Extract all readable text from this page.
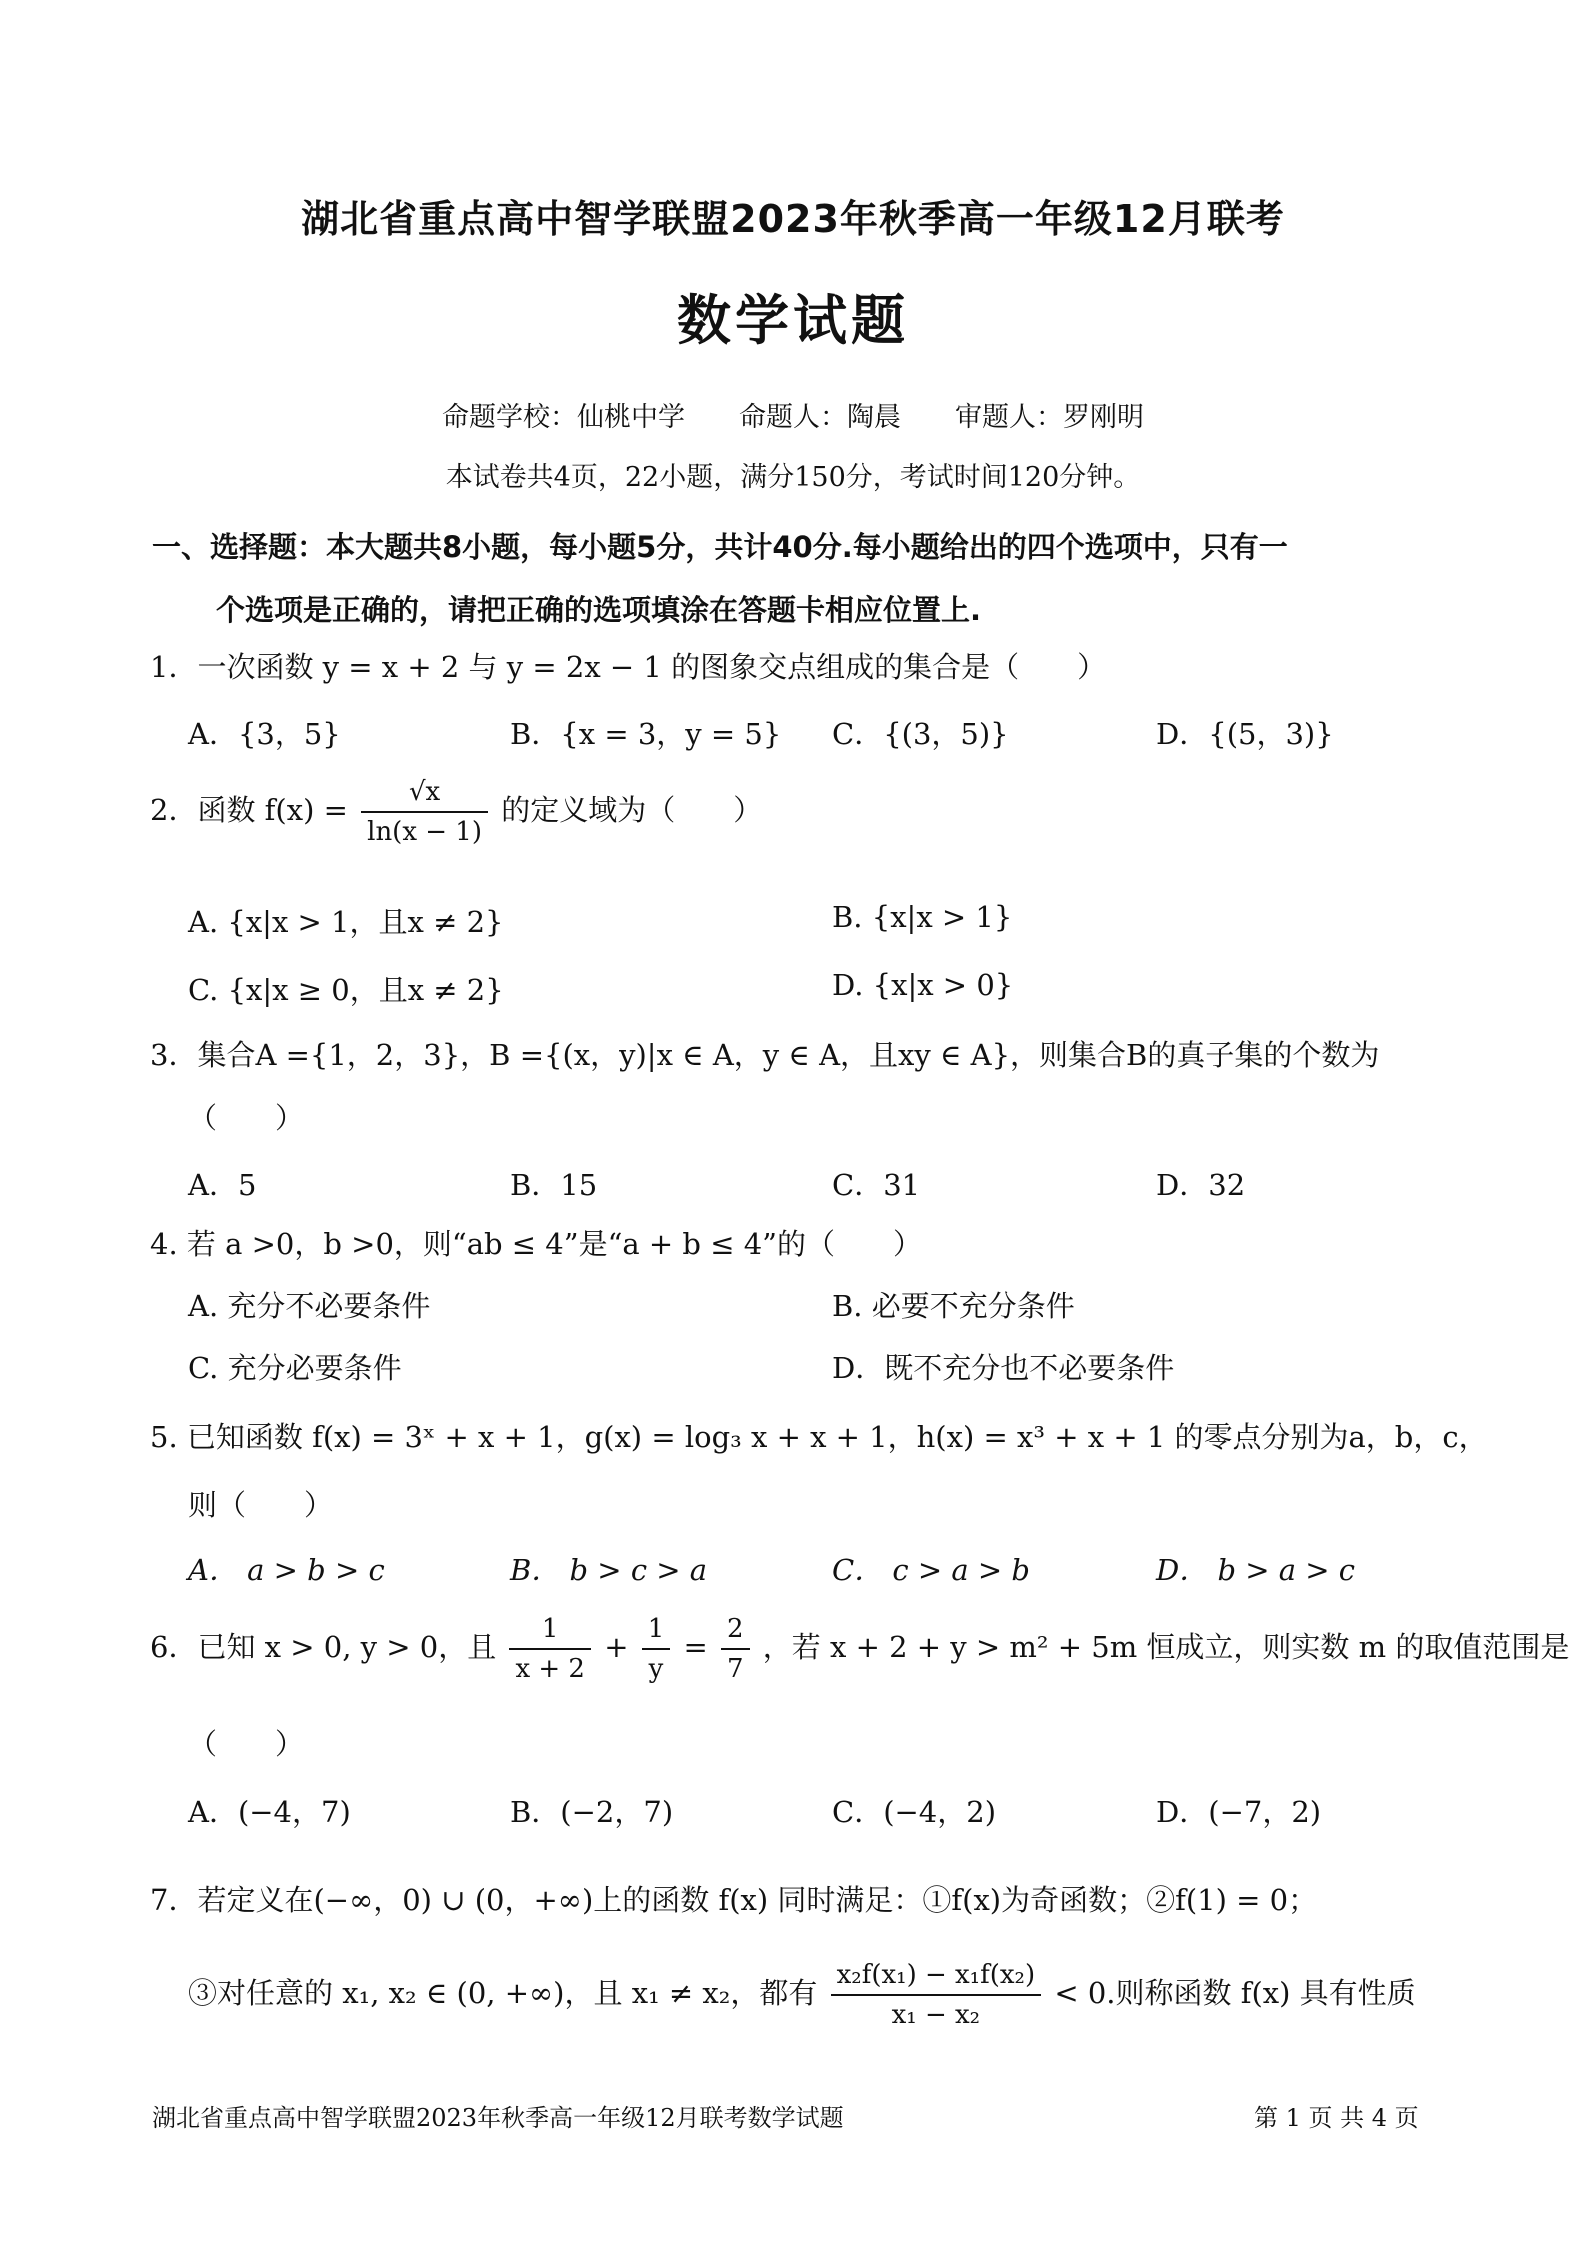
湖北省重点高中智学联盟2023年秋季高一年级12月联考
数学试题
命题学校：仙桃中学　　命题人：陶晨　　审题人：罗刚明
本试卷共4页，22小题，满分150分，考试时间120分钟。
一、选择题：本大题共8小题，每小题5分，共计40分.每小题给出的四个选项中，只有一
个选项是正确的，请把正确的选项填涂在答题卡相应位置上.
1．一次函数 y = x + 2 与 y = 2x − 1 的图象交点组成的集合是（　　）
A．{3，5}	B．{x = 3，y = 5} C．{(3，5)}	D．{(5，3)}
2．函数 $f(x) = \frac{√x}{\ln(x - 1)}$ 的定义域为（　　）
A. {x|x > 1，且x ≠ 2}	B. {x|x > 1}
C. {x|x ≥ 0，且x ≠ 2}	D. {x|x > 0}
3．集合A ={1，2，3}，B ={(x，y)|x ∈ A，y ∈ A，且xy ∈ A}，则集合B的真子集的个数为
（　　）
A．5	B．15	C．31	D．32
4. 若 a >0，b >0，则“ab ≤ 4”是“a + b ≤ 4”的（　　）
A. 充分不必要条件	B. 必要不充分条件
C. 充分必要条件	D．既不充分也不必要条件
5. 已知函数 f(x) = 3ˣ + x + 1，g(x) = log₃ x + x + 1，h(x) = x³ + x + 1 的零点分别为a，b，c，
则（　　）
A． a > b > c	B． b > c > a	C． c > a > b	D． b > a > c
6．已知 x > 0, y > 0，且 $\frac{1}{x + 2} + \frac{1}{y} = \frac{2}{7}$ ，若 x + 2 + y > m² + 5m 恒成立，则实数 m 的取值范围是
（　　）
A．(−4，7)	B．(−2，7)	C．(−4，2)	D．(−7，2)
7．若定义在(−∞，0) ∪ (0，+∞)上的函数 f(x) 同时满足：①f(x)为奇函数；②f(1) = 0；
③对任意的 x₁, x₂ ∈ (0, +∞)，且 x₁ ≠ x₂，都有 $\frac{\text{x₂f(x₁) − x₁f(x₂)}}{\text{x₁ − x₂}} < 0$.则称函数 f(x) 具有性质
湖北省重点高中智学联盟2023年秋季高一年级12月联考数学试题	第 1 页 共 4 页
